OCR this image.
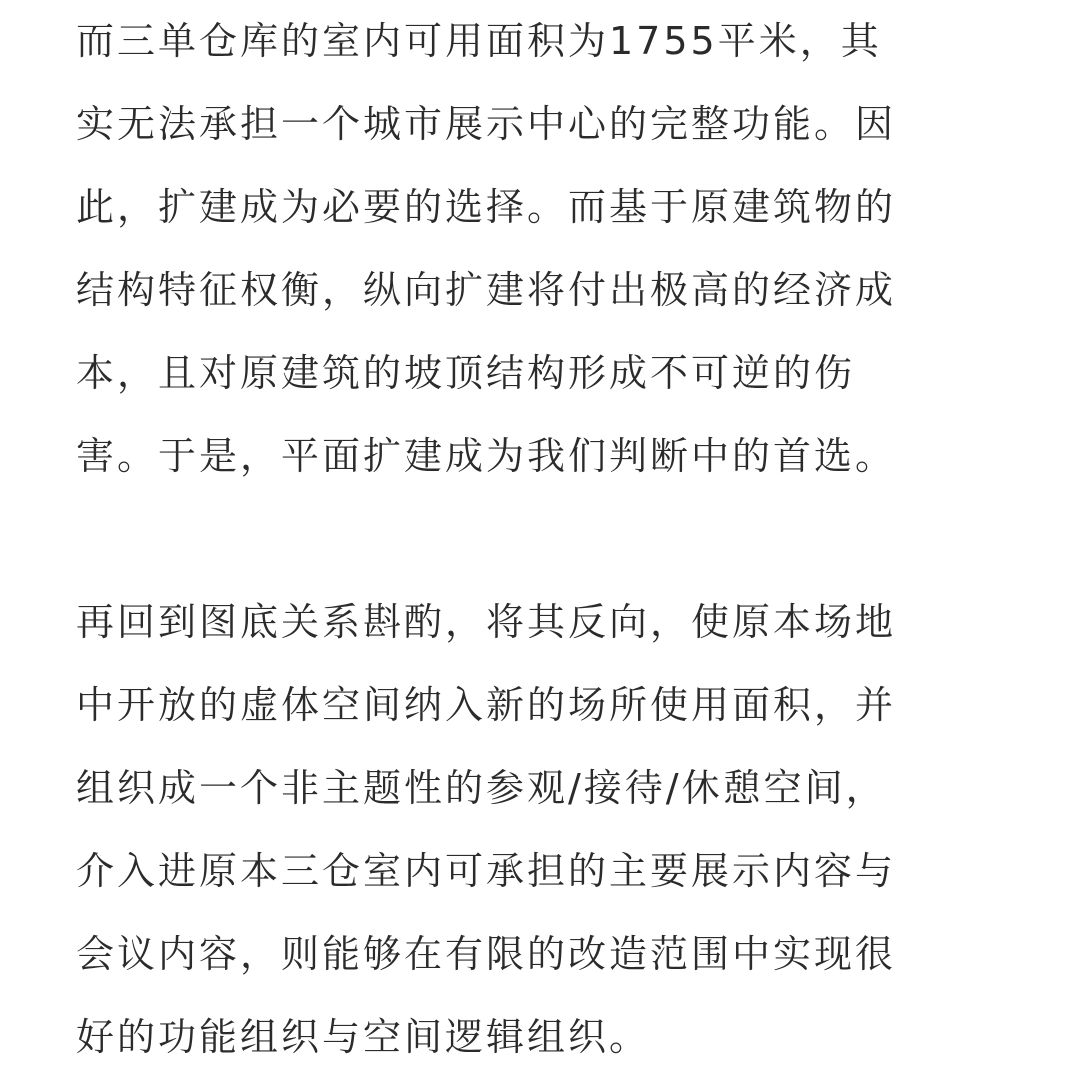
而三单仓库的室内可用面积为1755平米，其
实无法承担一个城市展示中心的完整功能。因
此，扩建成为必要的选择。而基于原建筑物的
结构特征权衡，纵向扩建将付出极高的经济成
本，且对原建筑的坡顶结构形成不可逆的伤
害。于是，平面扩建成为我们判断中的首选。
再回到图底关系斟酌，将其反向，使原本场地
中开放的虚体空间纳入新的场所使用面积，并
组织成一个非主题性的参观/接待/休憩空间，
介入进原本三仓室内可承担的主要展示内容与
会议内容，则能够在有限的改造范围中实现很
好的功能组织与空间逻辑组织。
